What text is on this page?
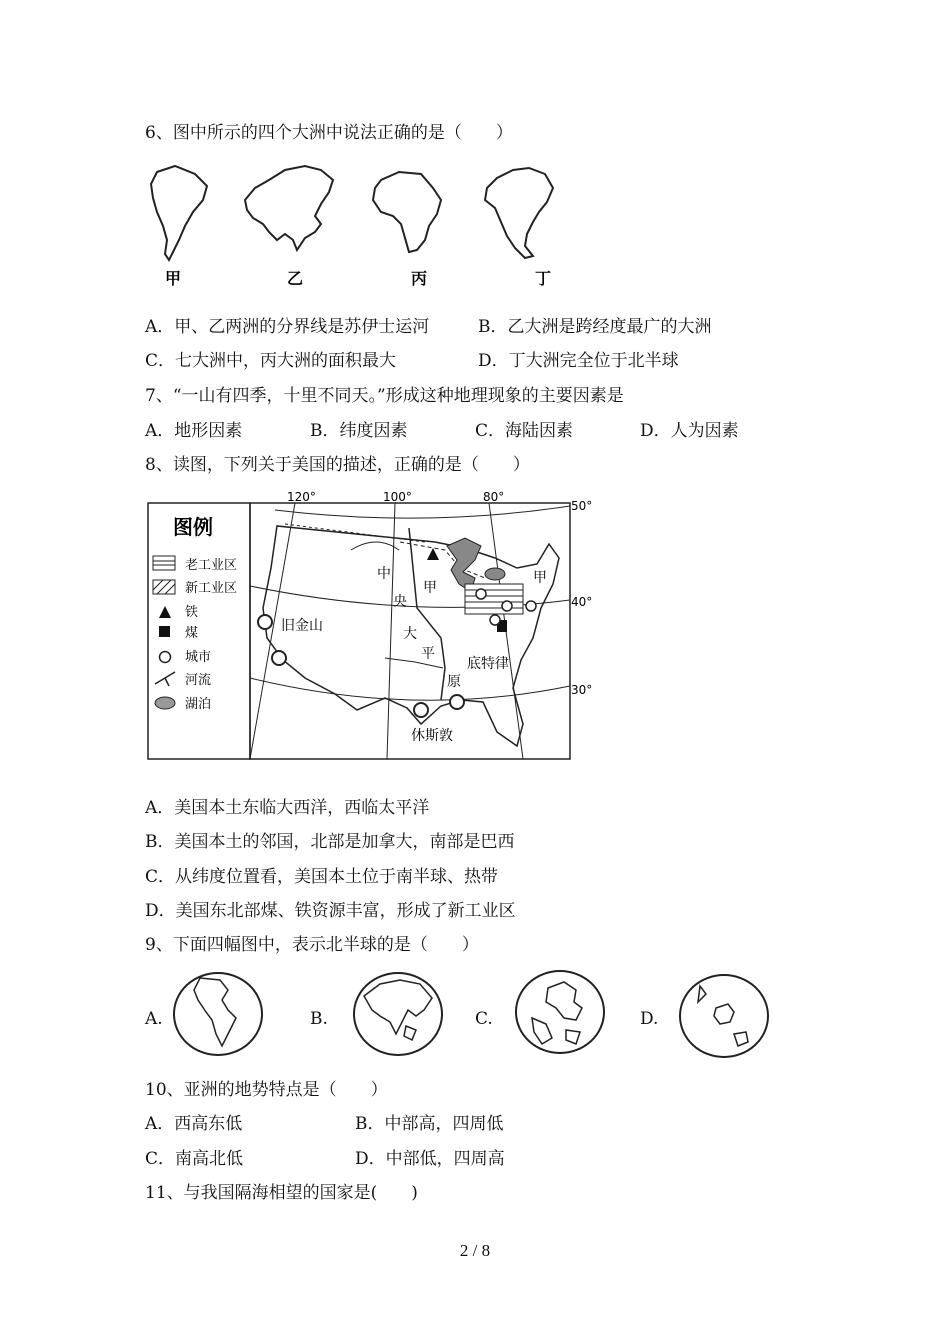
6、图中所示的四个大洲中说法正确的是（　　）
甲	乙	丙	丁
A．甲、乙两洲的分界线是苏伊士运河	B．乙大洲是跨经度最广的大洲
C．七大洲中，丙大洲的面积最大	D．丁大洲完全位于北半球
7、“一山有四季，十里不同天。”形成这种地理现象的主要因素是
A．地形因素	B．纬度因素	C．海陆因素	D．人为因素
8、读图，下列关于美国的描述，正确的是（　　）
图例
老工业区
新工业区
铁
煤
城市
河流
湖泊
120°	100°	80°
50°
40°
30°
旧金山
中
央
大
平
原
甲
甲
底特律
休斯敦
A．美国本土东临大西洋，西临太平洋
B．美国本土的邻国，北部是加拿大，南部是巴西
C．从纬度位置看，美国本土位于南半球、热带
D．美国东北部煤、铁资源丰富，形成了新工业区
9、下面四幅图中，表示北半球的是（　　）
A.	B.	C.	D.
10、亚洲的地势特点是（　　）
A．西高东低	B．中部高，四周低
C．南高北低	D．中部低，四周高
11、与我国隔海相望的国家是(　　)
2 / 8
